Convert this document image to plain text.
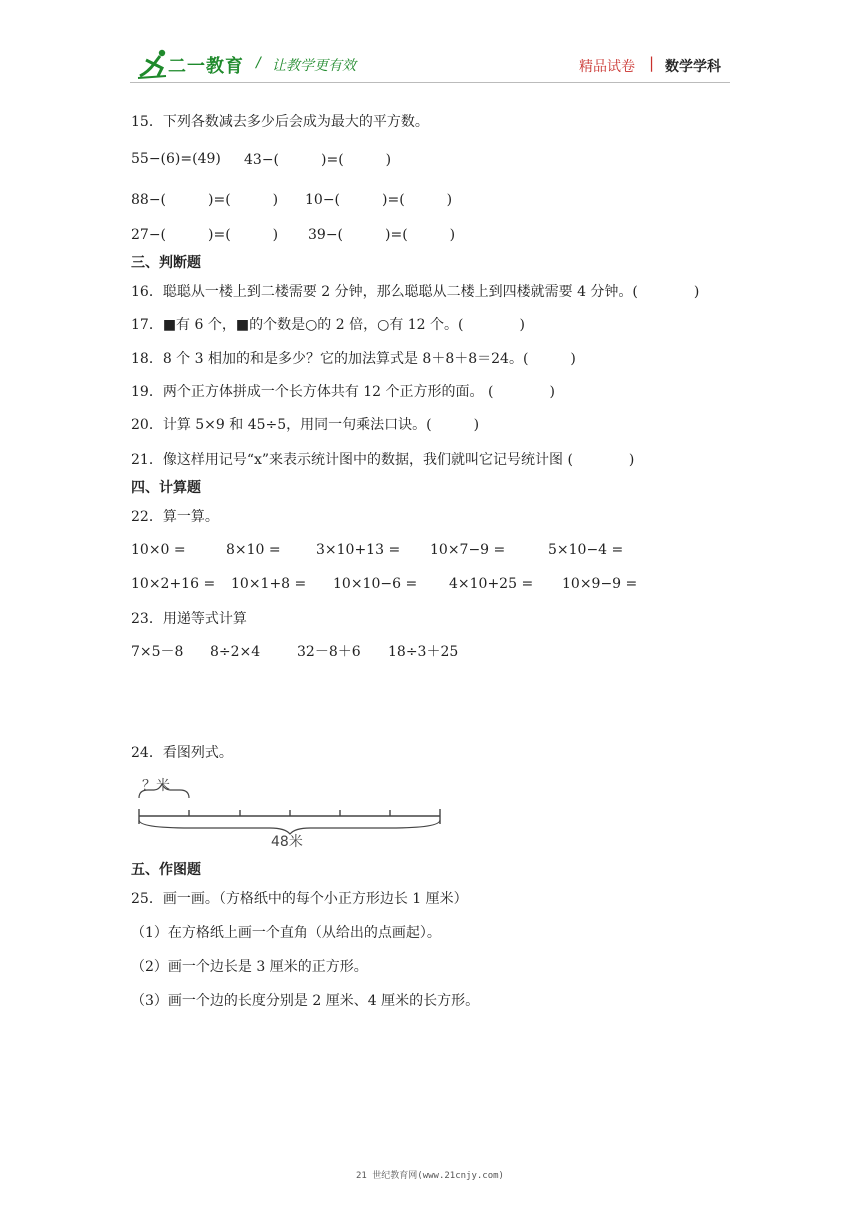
二一教育 / 让教学更有效	精品试卷 | 数学学科
15．下列各数减去多少后会成为最大的平方数。
55−(6)=(49) 43−(　　　)=(　　　)
88−(　　　)=(　　　) 10−(　　　)=(　　　)
27−(　　　)=(　　　) 39−(　　　)=(　　　)
三、判断题
16．聪聪从一楼上到二楼需要 2 分钟，那么聪聪从二楼上到四楼就需要 4 分钟。(　　　　)
17．■有 6 个，■的个数是○的 2 倍，○有 12 个。(　　　　)
18．8 个 3 相加的和是多少？它的加法算式是 8＋8＋8＝24。(　　　)
19．两个正方体拼成一个长方体共有 12 个正方形的面。 (　　　　)
20．计算 5×9 和 45÷5，用同一句乘法口诀。(　　　)
21．像这样用记号“x”来表示统计图中的数据，我们就叫它记号统计图 (　　　　)
四、计算题
22．算一算。
10×0 =	8×10 =	3×10+13 = 10×7−9 =	5×10−4 =
10×2+16 = 10×1+8 = 10×10−6 = 4×10+25 = 10×9−9 =
23．用递等式计算
7×5－8 8÷2×4	32－8＋6 18÷3＋25
24．看图列式。
？米
48米
五、作图题
25．画一画。（方格纸中的每个小正方形边长 1 厘米）
（1）在方格纸上画一个直角（从给出的点画起）。
（2）画一个边长是 3 厘米的正方形。
（3）画一个边的长度分别是 2 厘米、4 厘米的长方形。
21 世纪教育网(www.21cnjy.com)
